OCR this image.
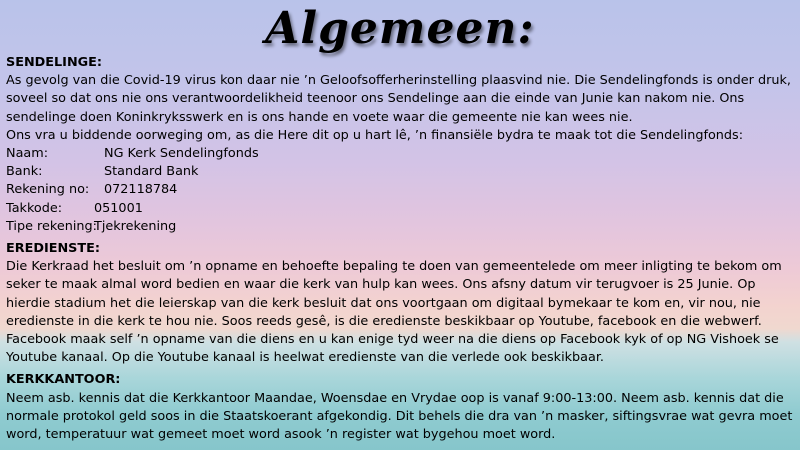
Algemeen:
SENDELINGE:

As gevolg van die Covid-19 virus kon daar nie ’n Geloofsofferherinstelling plaasvind nie. Die Sendelingfonds is onder druk, soveel so dat ons nie ons verantwoordelikheid teenoor ons Sendelinge aan die einde van Junie kan nakom nie. Ons sendelinge doen Koninkryksswerk en is ons hande en voete waar die gemeente nie kan wees nie.

Ons vra u biddende oorweging om, as die Here dit op u hart lê, ’n finansiële bydra te maak tot die Sendelingfonds:

Naam:	NG Kerk Sendelingfonds
Bank:	Standard Bank
Rekening no: 072118784
Takkode: 051001
Tipe rekening:Tjekrekening
EREDIENSTE:

Die Kerkraad het besluit om ’n opname en behoefte bepaling te doen van gemeentelede om meer inligting te bekom om seker te maak almal word bedien en waar die kerk van hulp kan wees. Ons afsny datum vir terugvoer is 25 Junie. Op hierdie stadium het die leierskap van die kerk besluit dat ons voortgaan om digitaal bymekaar te kom en, vir nou, nie eredienste in die kerk te hou nie. Soos reeds gesê, is die eredienste beskikbaar op Youtube, facebook en die webwerf. Facebook maak self ’n opname van die diens en u kan enige tyd weer na die diens op Facebook kyk of op NG Vishoek se Youtube kanaal. Op die Youtube kanaal is heelwat eredienste van die verlede ook beskikbaar.

KERKKANTOOR:

Neem asb. kennis dat die Kerkkantoor Maandae, Woensdae en Vrydae oop is vanaf 9:00-13:00. Neem asb. kennis dat die normale protokol geld soos in die Staatskoerant afgekondig. Dit behels die dra van ’n masker, siftingsvrae wat gevra moet word, temperatuur wat gemeet moet word asook ’n register wat bygehou moet word.
